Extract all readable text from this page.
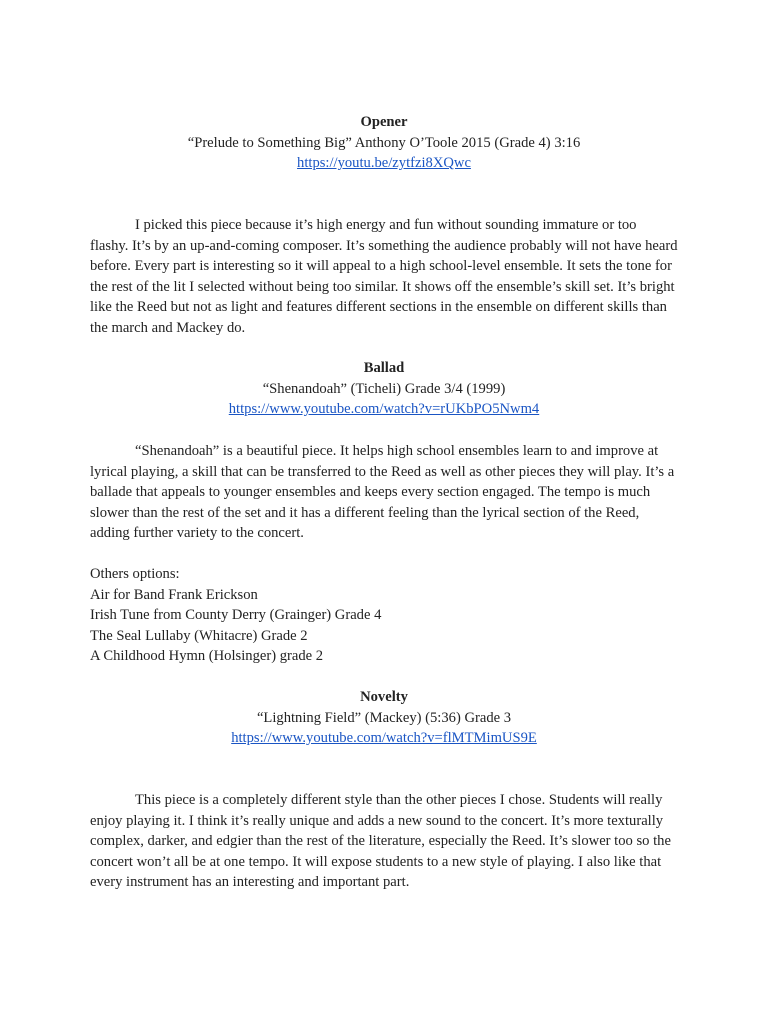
Opener
“Prelude to Something Big” Anthony O’Toole 2015 (Grade 4) 3:16
https://youtu.be/zytfzi8XQwc

I picked this piece because it’s high energy and fun without sounding immature or too flashy. It’s by an up-and-coming composer. It’s something the audience probably will not have heard before. Every part is interesting so it will appeal to a high school-level ensemble. It sets the tone for the rest of the lit I selected without being too similar. It shows off the ensemble’s skill set. It’s bright like the Reed but not as light and features different sections in the ensemble on different skills than the march and Mackey do.

Ballad
“Shenandoah” (Ticheli) Grade 3/4 (1999)
https://www.youtube.com/watch?v=rUKbPO5Nwm4

“Shenandoah” is a beautiful piece. It helps high school ensembles learn to and improve at lyrical playing, a skill that can be transferred to the Reed as well as other pieces they will play. It’s a ballade that appeals to younger ensembles and keeps every section engaged. The tempo is much slower than the rest of the set and it has a different feeling than the lyrical section of the Reed, adding further variety to the concert.

Others options:
Air for Band Frank Erickson
Irish Tune from County Derry (Grainger) Grade 4
The Seal Lullaby (Whitacre) Grade 2
A Childhood Hymn (Holsinger) grade 2
Novelty
“Lightning Field” (Mackey) (5:36) Grade 3
https://www.youtube.com/watch?v=flMTMimUS9E

This piece is a completely different style than the other pieces I chose. Students will really enjoy playing it. I think it’s really unique and adds a new sound to the concert. It’s more texturally complex, darker, and edgier than the rest of the literature, especially the Reed. It’s slower too so the concert won’t all be at one tempo. It will expose students to a new style of playing. I also like that every instrument has an interesting and important part.
